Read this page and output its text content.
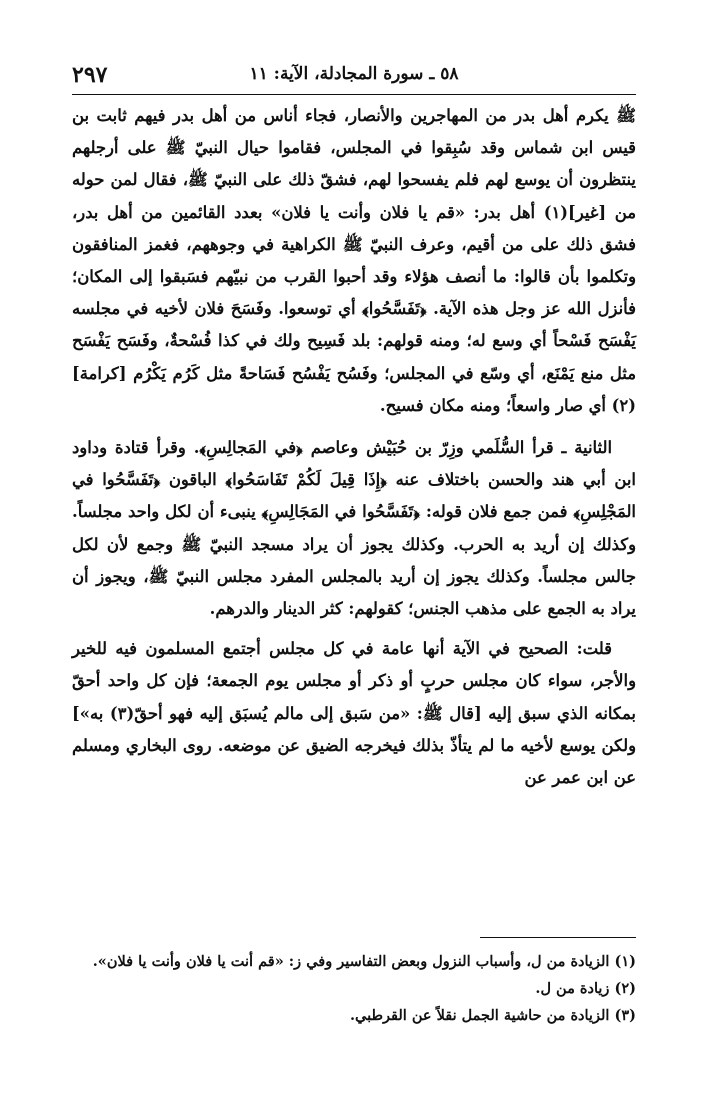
٢٩٧	٥٨ ـ سورة المجادلة، الآية: ١١

ﷺ يكرم أهل بدر من المهاجرين والأنصار، فجاء أناس من أهل بدر فيهم ثابت بن قيس ابن شماس وقد سُبِقوا في المجلس، فقاموا حيال النبيّ ﷺ على أرجلهم ينتظرون أن يوسع لهم فلم يفسحوا لهم، فشقّ ذلك على النبيّ ﷺ، فقال لمن حوله من [غير](١) أهل بدر: «قم يا فلان وأنت يا فلان» بعدد القائمين من أهل بدر، فشق ذلك على من أقيم، وعرف النبيّ ﷺ الكراهية في وجوههم، فغمز المنافقون وتكلموا بأن قالوا: ما أنصف هؤلاء وقد أحبوا القرب من نبيّهم فسَبقوا إلى المكان؛ فأنزل الله عز وجل هذه الآية. ﴿تَفَسَّحُوا﴾ أي توسعوا. وفَسَحَ فلان لأخيه في مجلسه يَفْسَح فَسْحاً أي وسع له؛ ومنه قولهم: بلد فَسِيح ولك في كذا فُسْحةٌ، وفَسَح يَفْسَح مثل منع يَمْنَع، أي وسّع في المجلس؛ وفَسُح يَفْسُح فَسَاحةً مثل كَرُم يَكْرُم [كرامة](٢) أي صار واسعاً؛ ومنه مكان فسيح.

الثانية ـ قرأ السُّلَمي وزِرّ بن حُبَيْش وعاصم ﴿في المَجالِسِ﴾. وقرأ قتادة وداود ابن أبي هند والحسن باختلاف عنه ﴿إِذَا قِيلَ لَكُمْ تَفَاسَحُوا﴾ الباقون ﴿تَفَسَّحُوا في المَجْلِسِ﴾ فمن جمع فلان قوله: ﴿تَفَسَّحُوا في المَجَالِسِ﴾ ينبىء أن لكل واحد مجلساً. وكذلك إن أريد به الحرب. وكذلك يجوز أن يراد مسجد النبيّ ﷺ وجمع لأن لكل جالس مجلساً. وكذلك يجوز إن أريد بالمجلس المفرد مجلس النبيّ ﷺ، ويجوز أن يراد به الجمع على مذهب الجنس؛ كقولهم: كثر الدينار والدرهم.

قلت: الصحيح في الآية أنها عامة في كل مجلس أجتمع المسلمون فيه للخير والأجر، سواء كان مجلس حربٍ أو ذكر أو مجلس يوم الجمعة؛ فإن كل واحد أحقّ بمكانه الذي سبق إليه [قال ﷺ: «من سَبق إلى مالم يُسبَق إليه فهو أحقّ(٣) به»] ولكن يوسع لأخيه ما لم يتأذّ بذلك فيخرجه الضيق عن موضعه. روى البخاري ومسلم عن ابن عمر عن

(١) الزيادة من ل، وأسباب النزول وبعض التفاسير وفي ز: «قم أنت يا فلان وأنت يا فلان».
(٢) زيادة من ل.
(٣) الزيادة من حاشية الجمل نقلاً عن القرطبي.
